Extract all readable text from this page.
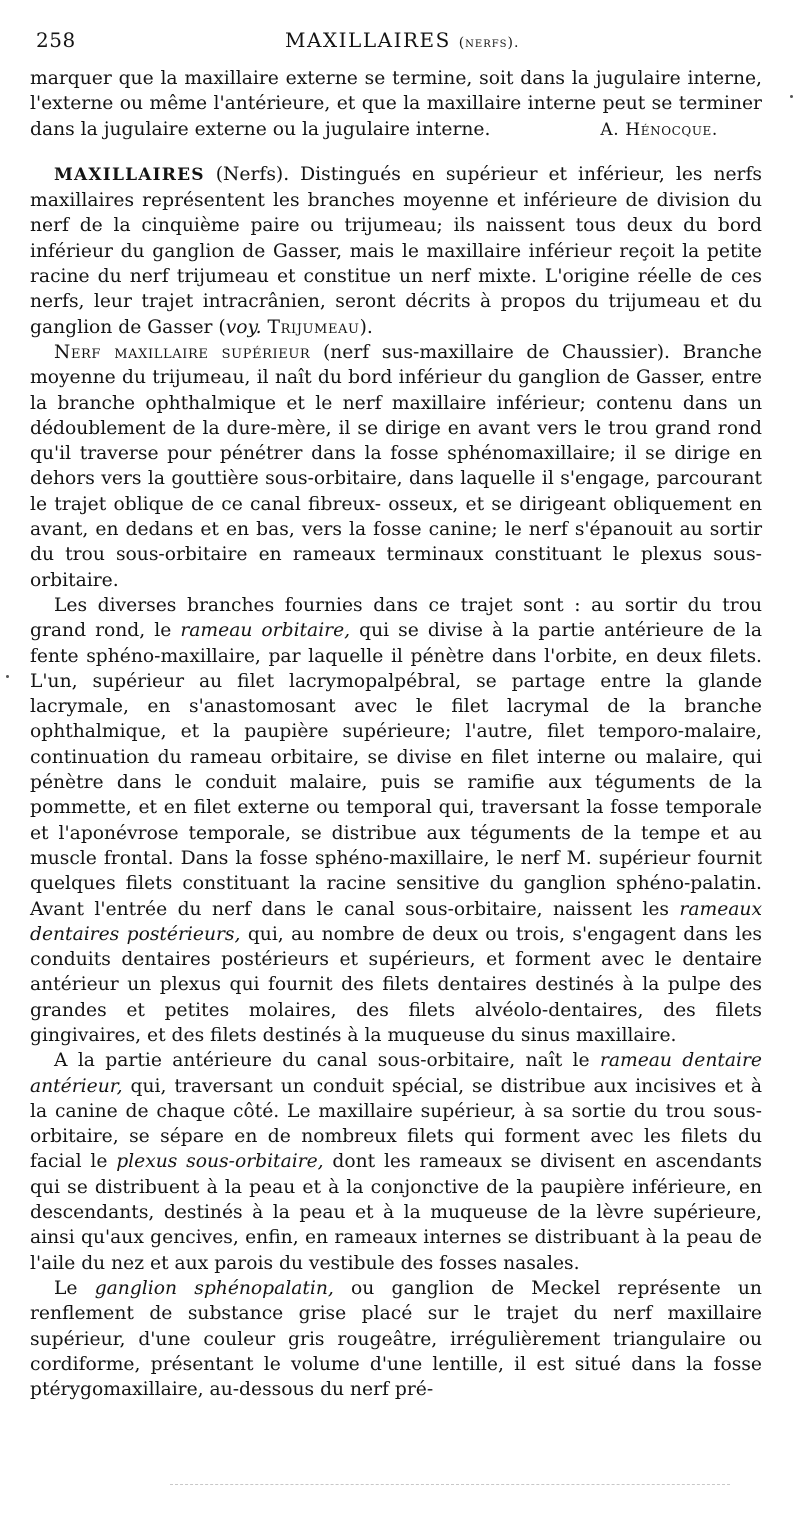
258	MAXILLAIRES (nerfs).

marquer que la maxillaire externe se termine, soit dans la jugulaire interne, l'externe ou même l'antérieure, et que la maxillaire interne peut se terminer dans la jugulaire externe ou la jugulaire interne.	A. Hénocque.

MAXILLAIRES (Nerfs). Distingués en supérieur et inférieur, les nerfs maxillaires représentent les branches moyenne et inférieure de division du nerf de la cinquième paire ou trijumeau; ils naissent tous deux du bord inférieur du ganglion de Gasser, mais le maxillaire inférieur reçoit la petite racine du nerf trijumeau et constitue un nerf mixte. L'origine réelle de ces nerfs, leur trajet intracrânien, seront décrits à propos du trijumeau et du ganglion de Gasser (voy. Trijumeau).

Nerf maxillaire supérieur (nerf sus-maxillaire de Chaussier). Branche moyenne du trijumeau, il naît du bord inférieur du ganglion de Gasser, entre la branche ophthalmique et le nerf maxillaire inférieur; contenu dans un dédoublement de la dure-mère, il se dirige en avant vers le trou grand rond qu'il traverse pour pénétrer dans la fosse sphénomaxillaire; il se dirige en dehors vers la gouttière sous-orbitaire, dans laquelle il s'engage, parcourant le trajet oblique de ce canal fibreux- osseux, et se dirigeant obliquement en avant, en dedans et en bas, vers la fosse canine; le nerf s'épanouit au sortir du trou sous-orbitaire en rameaux terminaux constituant le plexus sous-orbitaire.

Les diverses branches fournies dans ce trajet sont : au sortir du trou grand rond, le rameau orbitaire, qui se divise à la partie antérieure de la fente sphéno-maxillaire, par laquelle il pénètre dans l'orbite, en deux filets. L'un, supérieur au filet lacrymopalpébral, se partage entre la glande lacrymale, en s'anastomosant avec le filet lacrymal de la branche ophthalmique, et la paupière supérieure; l'autre, filet temporo-malaire, continuation du rameau orbitaire, se divise en filet interne ou malaire, qui pénètre dans le conduit malaire, puis se ramifie aux téguments de la pommette, et en filet externe ou temporal qui, traversant la fosse temporale et l'aponévrose temporale, se distribue aux téguments de la tempe et au muscle frontal. Dans la fosse sphéno-maxillaire, le nerf M. supérieur fournit quelques filets constituant la racine sensitive du ganglion sphéno-palatin. Avant l'entrée du nerf dans le canal sous-orbitaire, naissent les rameaux dentaires postérieurs, qui, au nombre de deux ou trois, s'engagent dans les conduits dentaires postérieurs et supérieurs, et forment avec le dentaire antérieur un plexus qui fournit des filets dentaires destinés à la pulpe des grandes et petites molaires, des filets alvéolo-dentaires, des filets gingivaires, et des filets destinés à la muqueuse du sinus maxillaire.

A la partie antérieure du canal sous-orbitaire, naît le rameau dentaire antérieur, qui, traversant un conduit spécial, se distribue aux incisives et à la canine de chaque côté. Le maxillaire supérieur, à sa sortie du trou sous-orbitaire, se sépare en de nombreux filets qui forment avec les filets du facial le plexus sous-orbitaire, dont les rameaux se divisent en ascendants qui se distribuent à la peau et à la conjonctive de la paupière inférieure, en descendants, destinés à la peau et à la muqueuse de la lèvre supérieure, ainsi qu'aux gencives, enfin, en rameaux internes se distribuant à la peau de l'aile du nez et aux parois du vestibule des fosses nasales.

Le ganglion sphénopalatin, ou ganglion de Meckel représente un renflement de substance grise placé sur le trajet du nerf maxillaire supérieur, d'une couleur gris rougeâtre, irrégulièrement triangulaire ou cordiforme, présentant le volume d'une lentille, il est situé dans la fosse ptérygomaxillaire, au-dessous du nerf pré-
